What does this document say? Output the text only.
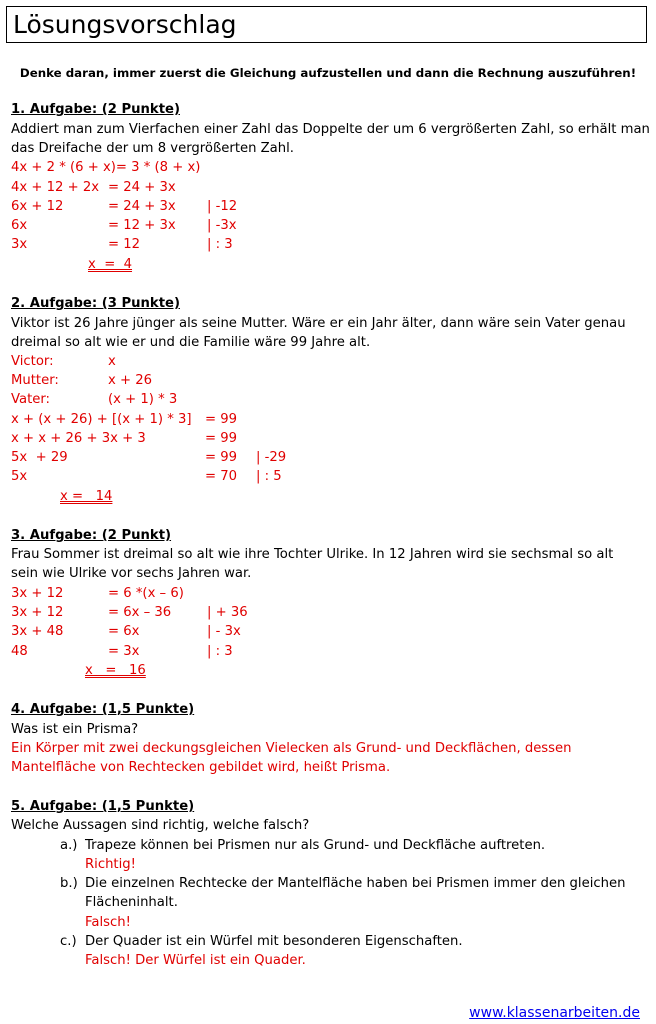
Lösungsvorschlag
Denke daran, immer zuerst die Gleichung aufzustellen und dann die Rechnung auszuführen!
1. Aufgabe: (2 Punkte)
Addiert man zum Vierfachen einer Zahl das Doppelte der um 6 vergrößerten Zahl, so erhält man
das Dreifache der um 8 vergrößerten Zahl.
4x + 2 * (6 + x)= 3 * (8 + x)
4x + 12 + 2x = 24 + 3x
6x + 12	= 24 + 3x | -12
6x	= 12 + 3x | -3x
3x	= 12	| : 3
x  =  4
2. Aufgabe: (3 Punkte)
Viktor ist 26 Jahre jünger als seine Mutter. Wäre er ein Jahr älter, dann wäre sein Vater genau
dreimal so alt wie er und die Familie wäre 99 Jahre alt.
Victor:	x
Mutter:	x + 26
Vater:	(x + 1) * 3
x + (x + 26) + [(x + 1) * 3] = 99
x + x + 26 + 3x + 3	= 99
5x  + 29	= 99 | -29
5x	= 70 | : 5
x =   14
3. Aufgabe: (2 Punkt)
Frau Sommer ist dreimal so alt wie ihre Tochter Ulrike. In 12 Jahren wird sie sechsmal so alt
sein wie Ulrike vor sechs Jahren war.
3x + 12	= 6 *(x – 6)
3x + 12	= 6x – 36	| + 36
3x + 48	= 6x	| - 3x
48	= 3x	| : 3
x   =   16
4. Aufgabe: (1,5 Punkte)
Was ist ein Prisma?
Ein Körper mit zwei deckungsgleichen Vielecken als Grund- und Deckflächen, dessen
Mantelfläche von Rechtecken gebildet wird, heißt Prisma.
5. Aufgabe: (1,5 Punkte)
Welche Aussagen sind richtig, welche falsch?
a.) Trapeze können bei Prismen nur als Grund- und Deckfläche auftreten.
Richtig!
b.) Die einzelnen Rechtecke der Mantelfläche haben bei Prismen immer den gleichen
Flächeninhalt.
Falsch!
c.) Der Quader ist ein Würfel mit besonderen Eigenschaften.
Falsch! Der Würfel ist ein Quader.
www.klassenarbeiten.de
